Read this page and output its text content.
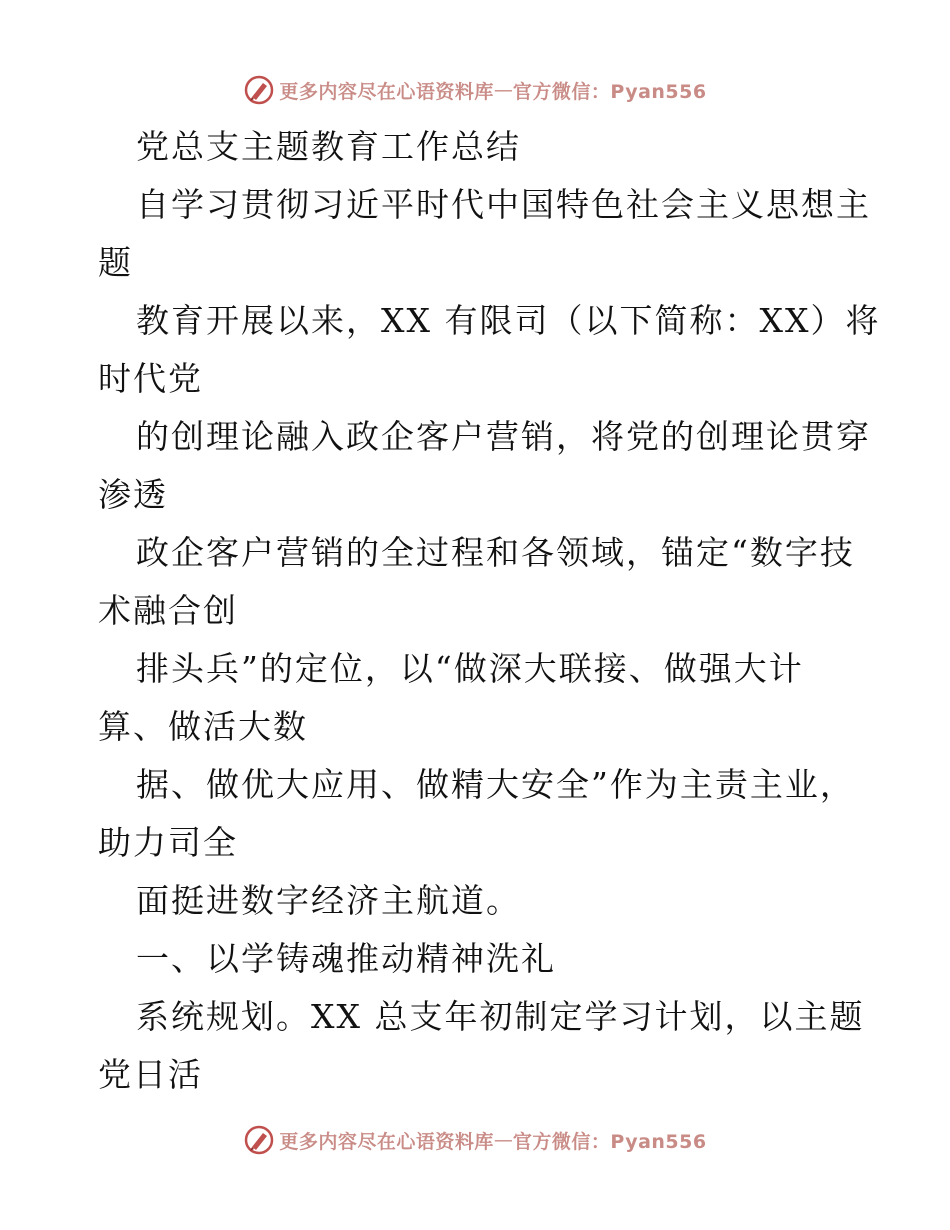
更多内容尽在心语资料库 — 官方微信：Pyan556
党总支主题教育工作总结
自学习贯彻习近平时代中国特色社会主义思想主
题
教育开展以来，XX 有限司（以下简称：XX）将
时代党
的创理论融入政企客户营销，将党的创理论贯穿
渗透
政企客户营销的全过程和各领域，锚定“数字技
术融合创
排头兵”的定位，以“做深大联接、做强大计
算、做活大数
据、做优大应用、做精大安全”作为主责主业，
助力司全
面挺进数字经济主航道。
一、以学铸魂推动精神洗礼
系统规划。XX 总支年初制定学习计划，以主题
党日活
更多内容尽在心语资料库 — 官方微信：Pyan556
